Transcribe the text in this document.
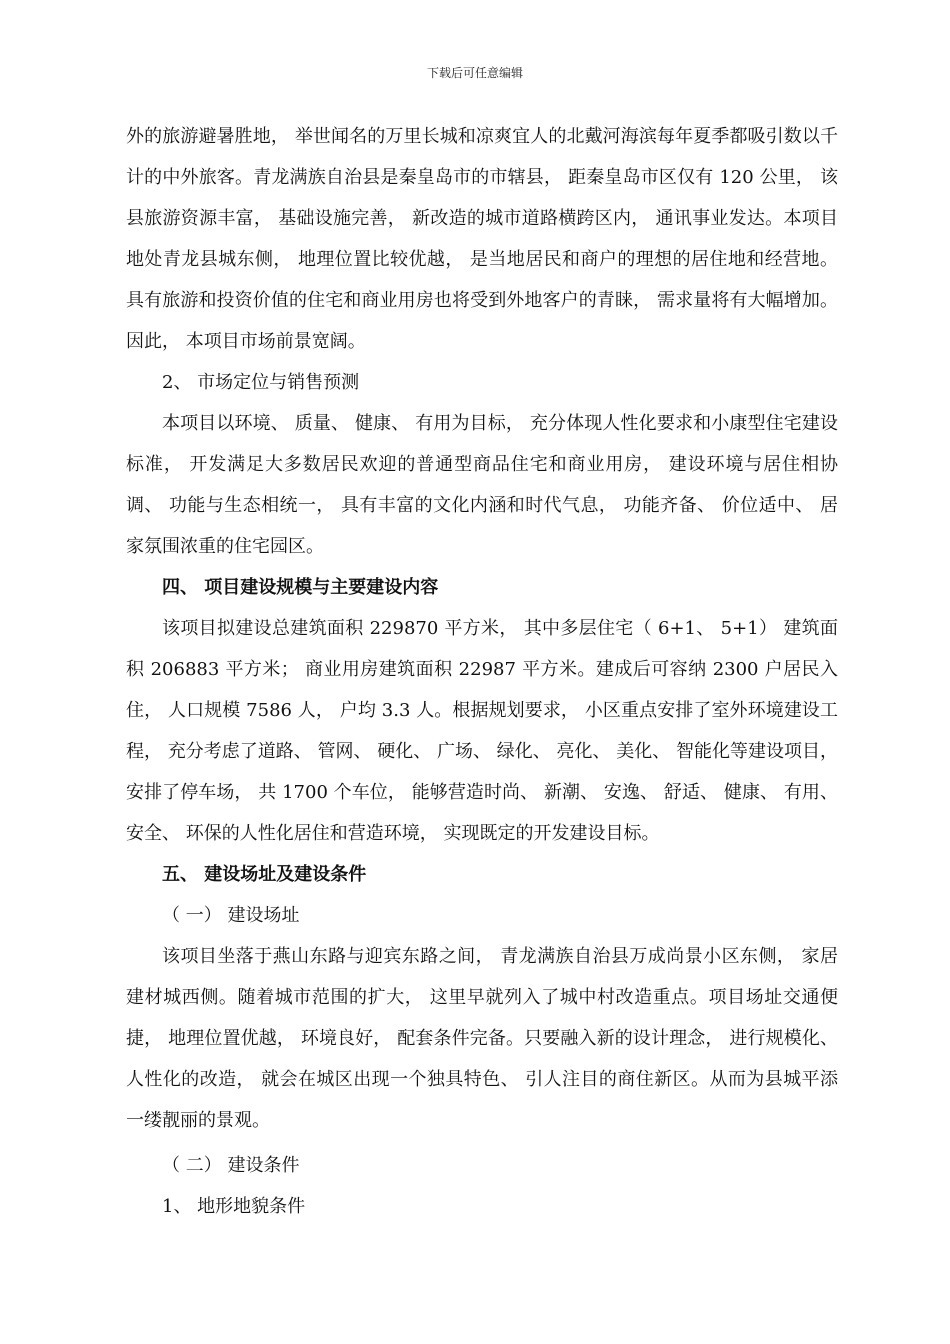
下载后可任意编辑

外的旅游避暑胜地， 举世闻名的万里长城和凉爽宜人的北戴河海滨每年夏季都吸引数以千计的中外旅客。青龙满族自治县是秦皇岛市的市辖县， 距秦皇岛市区仅有 120 公里， 该县旅游资源丰富， 基础设施完善， 新改造的城市道路横跨区内， 通讯事业发达。本项目地处青龙县城东侧， 地理位置比较优越， 是当地居民和商户的理想的居住地和经营地。具有旅游和投资价值的住宅和商业用房也将受到外地客户的青睐， 需求量将有大幅增加。因此， 本项目市场前景宽阔。

2、 市场定位与销售预测

本项目以环境、 质量、 健康、 有用为目标， 充分体现人性化要求和小康型住宅建设标准， 开发满足大多数居民欢迎的普通型商品住宅和商业用房， 建设环境与居住相协调、 功能与生态相统一， 具有丰富的文化内涵和时代气息， 功能齐备、 价位适中、 居家氛围浓重的住宅园区。

四、 项目建设规模与主要建设内容

该项目拟建设总建筑面积 229870 平方米， 其中多层住宅（ 6+1、 5+1） 建筑面积 206883 平方米； 商业用房建筑面积 22987 平方米。建成后可容纳 2300 户居民入住， 人口规模 7586 人， 户均 3.3 人。根据规划要求， 小区重点安排了室外环境建设工程， 充分考虑了道路、 管网、 硬化、 广场、 绿化、 亮化、 美化、 智能化等建设项目， 安排了停车场， 共 1700 个车位， 能够营造时尚、 新潮、 安逸、 舒适、 健康、 有用、 安全、 环保的人性化居住和营造环境， 实现既定的开发建设目标。

五、 建设场址及建设条件

（ 一） 建设场址

该项目坐落于燕山东路与迎宾东路之间， 青龙满族自治县万成尚景小区东侧， 家居建材城西侧。随着城市范围的扩大， 这里早就列入了城中村改造重点。项目场址交通便捷， 地理位置优越， 环境良好， 配套条件完备。只要融入新的设计理念， 进行规模化、 人性化的改造， 就会在城区出现一个独具特色、 引人注目的商住新区。从而为县城平添一缕靓丽的景观。

（ 二） 建设条件

1、 地形地貌条件
